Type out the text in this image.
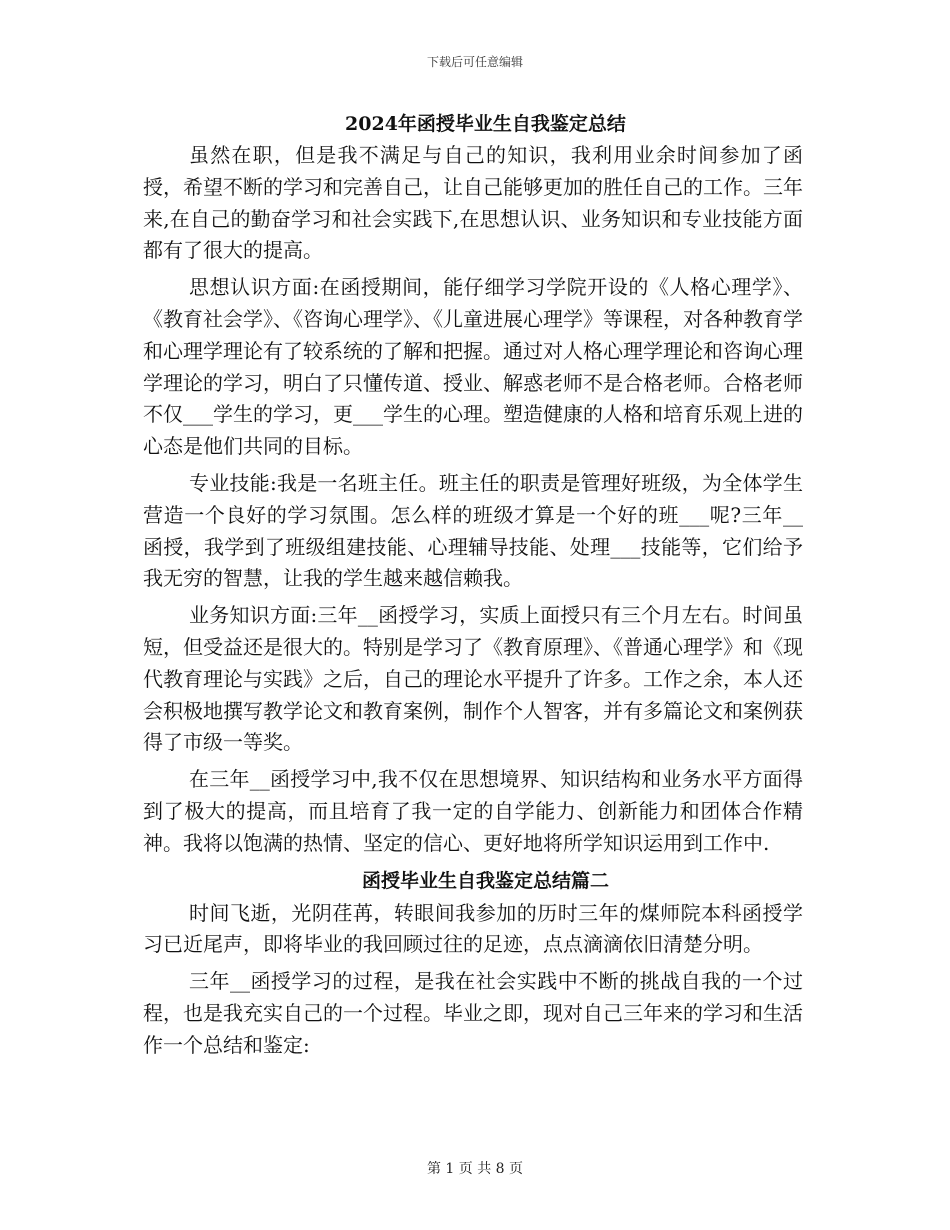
下载后可任意编辑
2024年函授毕业生自我鉴定总结

虽然在职，但是我不满足与自己的知识，我利用业余时间参加了函授，希望不断的学习和完善自己，让自己能够更加的胜任自己的工作。三年来,在自己的勤奋学习和社会实践下,在思想认识、业务知识和专业技能方面都有了很大的提高。

思想认识方面:在函授期间，能仔细学习学院开设的《人格心理学》、《教育社会学》、《咨询心理学》、《儿童进展心理学》等课程，对各种教育学和心理学理论有了较系统的了解和把握。通过对人格心理学理论和咨询心理学理论的学习，明白了只懂传道、授业、解惑老师不是合格老师。合格老师不仅___学生的学习，更___学生的心理。塑造健康的人格和培育乐观上进的心态是他们共同的目标。

专业技能:我是一名班主任。班主任的职责是管理好班级，为全体学生营造一个良好的学习氛围。怎么样的班级才算是一个好的班___呢?三年__函授，我学到了班级组建技能、心理辅导技能、处理___技能等，它们给予我无穷的智慧，让我的学生越来越信赖我。

业务知识方面:三年__函授学习，实质上面授只有三个月左右。时间虽短，但受益还是很大的。特别是学习了《教育原理》、《普通心理学》和《现代教育理论与实践》之后，自己的理论水平提升了许多。工作之余，本人还会积极地撰写教学论文和教育案例，制作个人智客，并有多篇论文和案例获得了市级一等奖。

在三年__函授学习中,我不仅在思想境界、知识结构和业务水平方面得到了极大的提高，而且培育了我一定的自学能力、创新能力和团体合作精神。我将以饱满的热情、坚定的信心、更好地将所学知识运用到工作中.

函授毕业生自我鉴定总结篇二

时间飞逝，光阴荏苒，转眼间我参加的历时三年的煤师院本科函授学习已近尾声，即将毕业的我回顾过往的足迹，点点滴滴依旧清楚分明。

三年__函授学习的过程，是我在社会实践中不断的挑战自我的一个过程，也是我充实自己的一个过程。毕业之即，现对自己三年来的学习和生活作一个总结和鉴定:

第 1 页 共 8 页
